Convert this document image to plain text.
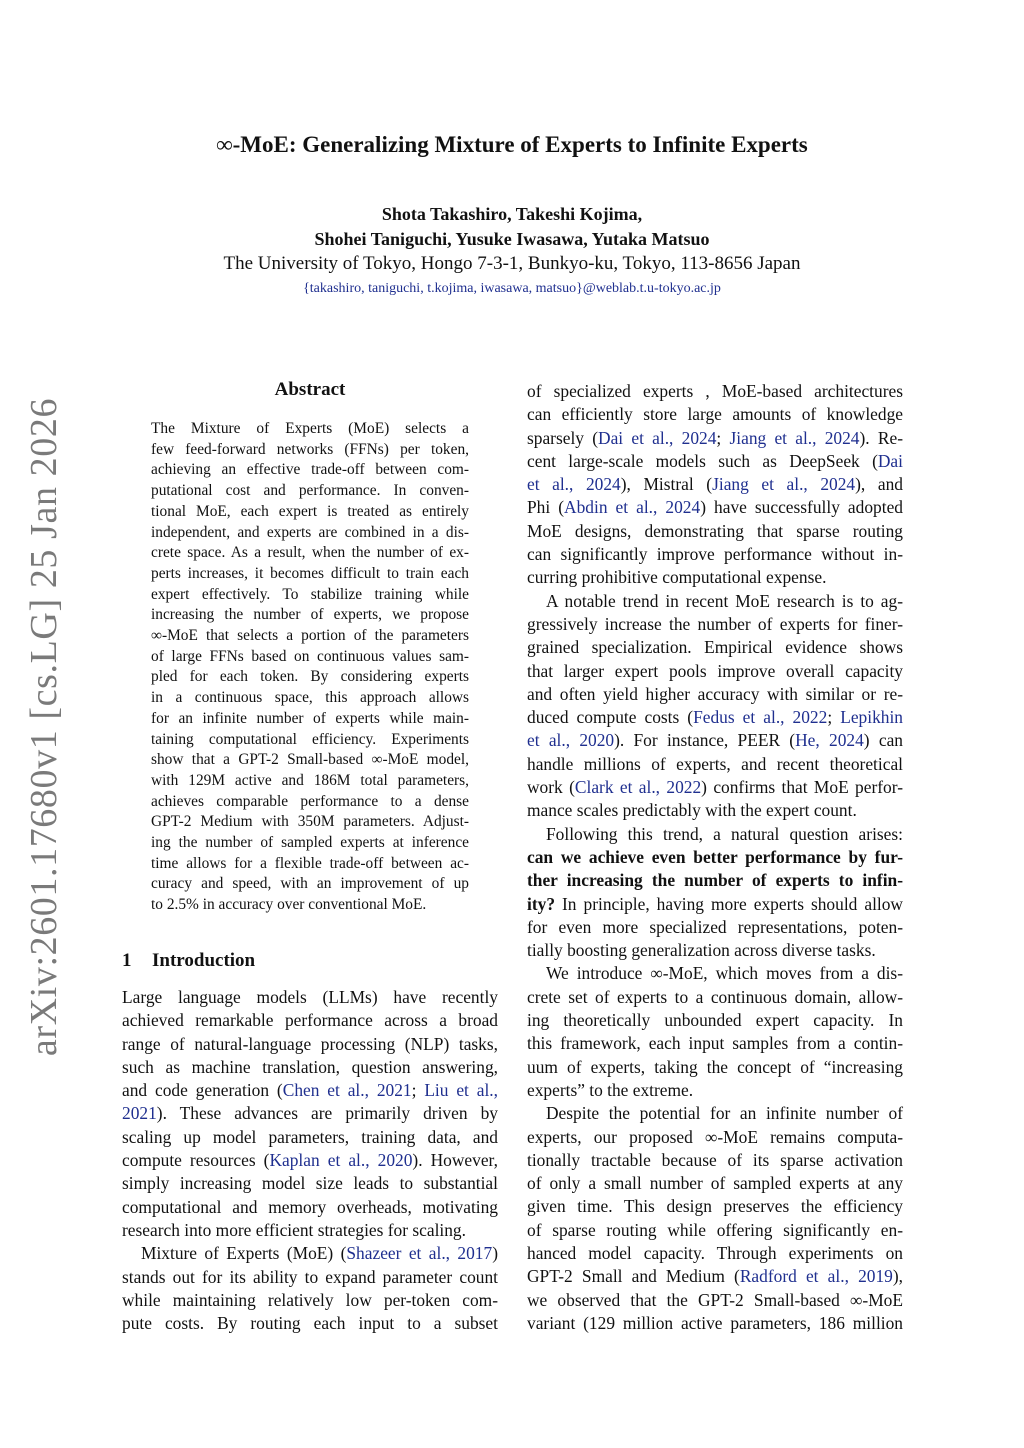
arXiv:2601.17680v1 [cs.LG] 25 Jan 2026
∞-MoE: Generalizing Mixture of Experts to Infinite Experts
Shota Takashiro, Takeshi Kojima,
Shohei Taniguchi, Yusuke Iwasawa, Yutaka Matsuo
The University of Tokyo, Hongo 7-3-1, Bunkyo-ku, Tokyo, 113-8656 Japan
{takashiro, taniguchi, t.kojima, iwasawa, matsuo}@weblab.t.u-tokyo.ac.jp
Abstract
The Mixture of Experts (MoE) selects a
few feed-forward networks (FFNs) per token,
achieving an effective trade-off between com-
putational cost and performance. In conven-
tional MoE, each expert is treated as entirely
independent, and experts are combined in a dis-
crete space. As a result, when the number of ex-
perts increases, it becomes difficult to train each
expert effectively. To stabilize training while
increasing the number of experts, we propose
∞-MoE that selects a portion of the parameters
of large FFNs based on continuous values sam-
pled for each token. By considering experts
in a continuous space, this approach allows
for an infinite number of experts while main-
taining computational efficiency. Experiments
show that a GPT-2 Small-based ∞-MoE model,
with 129M active and 186M total parameters,
achieves comparable performance to a dense
GPT-2 Medium with 350M parameters. Adjust-
ing the number of sampled experts at inference
time allows for a flexible trade-off between ac-
curacy and speed, with an improvement of up
to 2.5% in accuracy over conventional MoE.
1 Introduction
Large language models (LLMs) have recently
achieved remarkable performance across a broad
range of natural-language processing (NLP) tasks,
such as machine translation, question answering,
and code generation (Chen et al., 2021; Liu et al.,
2021). These advances are primarily driven by
scaling up model parameters, training data, and
compute resources (Kaplan et al., 2020). However,
simply increasing model size leads to substantial
computational and memory overheads, motivating
research into more efficient strategies for scaling.
Mixture of Experts (MoE) (Shazeer et al., 2017)
stands out for its ability to expand parameter count
while maintaining relatively low per-token com-
pute costs. By routing each input to a subset
of specialized experts , MoE-based architectures
can efficiently store large amounts of knowledge
sparsely (Dai et al., 2024; Jiang et al., 2024). Re-
cent large-scale models such as DeepSeek (Dai
et al., 2024), Mistral (Jiang et al., 2024), and
Phi (Abdin et al., 2024) have successfully adopted
MoE designs, demonstrating that sparse routing
can significantly improve performance without in-
curring prohibitive computational expense.
A notable trend in recent MoE research is to ag-
gressively increase the number of experts for finer-
grained specialization. Empirical evidence shows
that larger expert pools improve overall capacity
and often yield higher accuracy with similar or re-
duced compute costs (Fedus et al., 2022; Lepikhin
et al., 2020). For instance, PEER (He, 2024) can
handle millions of experts, and recent theoretical
work (Clark et al., 2022) confirms that MoE perfor-
mance scales predictably with the expert count.
Following this trend, a natural question arises:
can we achieve even better performance by fur-
ther increasing the number of experts to infin-
ity? In principle, having more experts should allow
for even more specialized representations, poten-
tially boosting generalization across diverse tasks.
We introduce ∞-MoE, which moves from a dis-
crete set of experts to a continuous domain, allow-
ing theoretically unbounded expert capacity. In
this framework, each input samples from a contin-
uum of experts, taking the concept of “increasing
experts” to the extreme.
Despite the potential for an infinite number of
experts, our proposed ∞-MoE remains computa-
tionally tractable because of its sparse activation
of only a small number of sampled experts at any
given time. This design preserves the efficiency
of sparse routing while offering significantly en-
hanced model capacity. Through experiments on
GPT-2 Small and Medium (Radford et al., 2019),
we observed that the GPT-2 Small-based ∞-MoE
variant (129 million active parameters, 186 million
